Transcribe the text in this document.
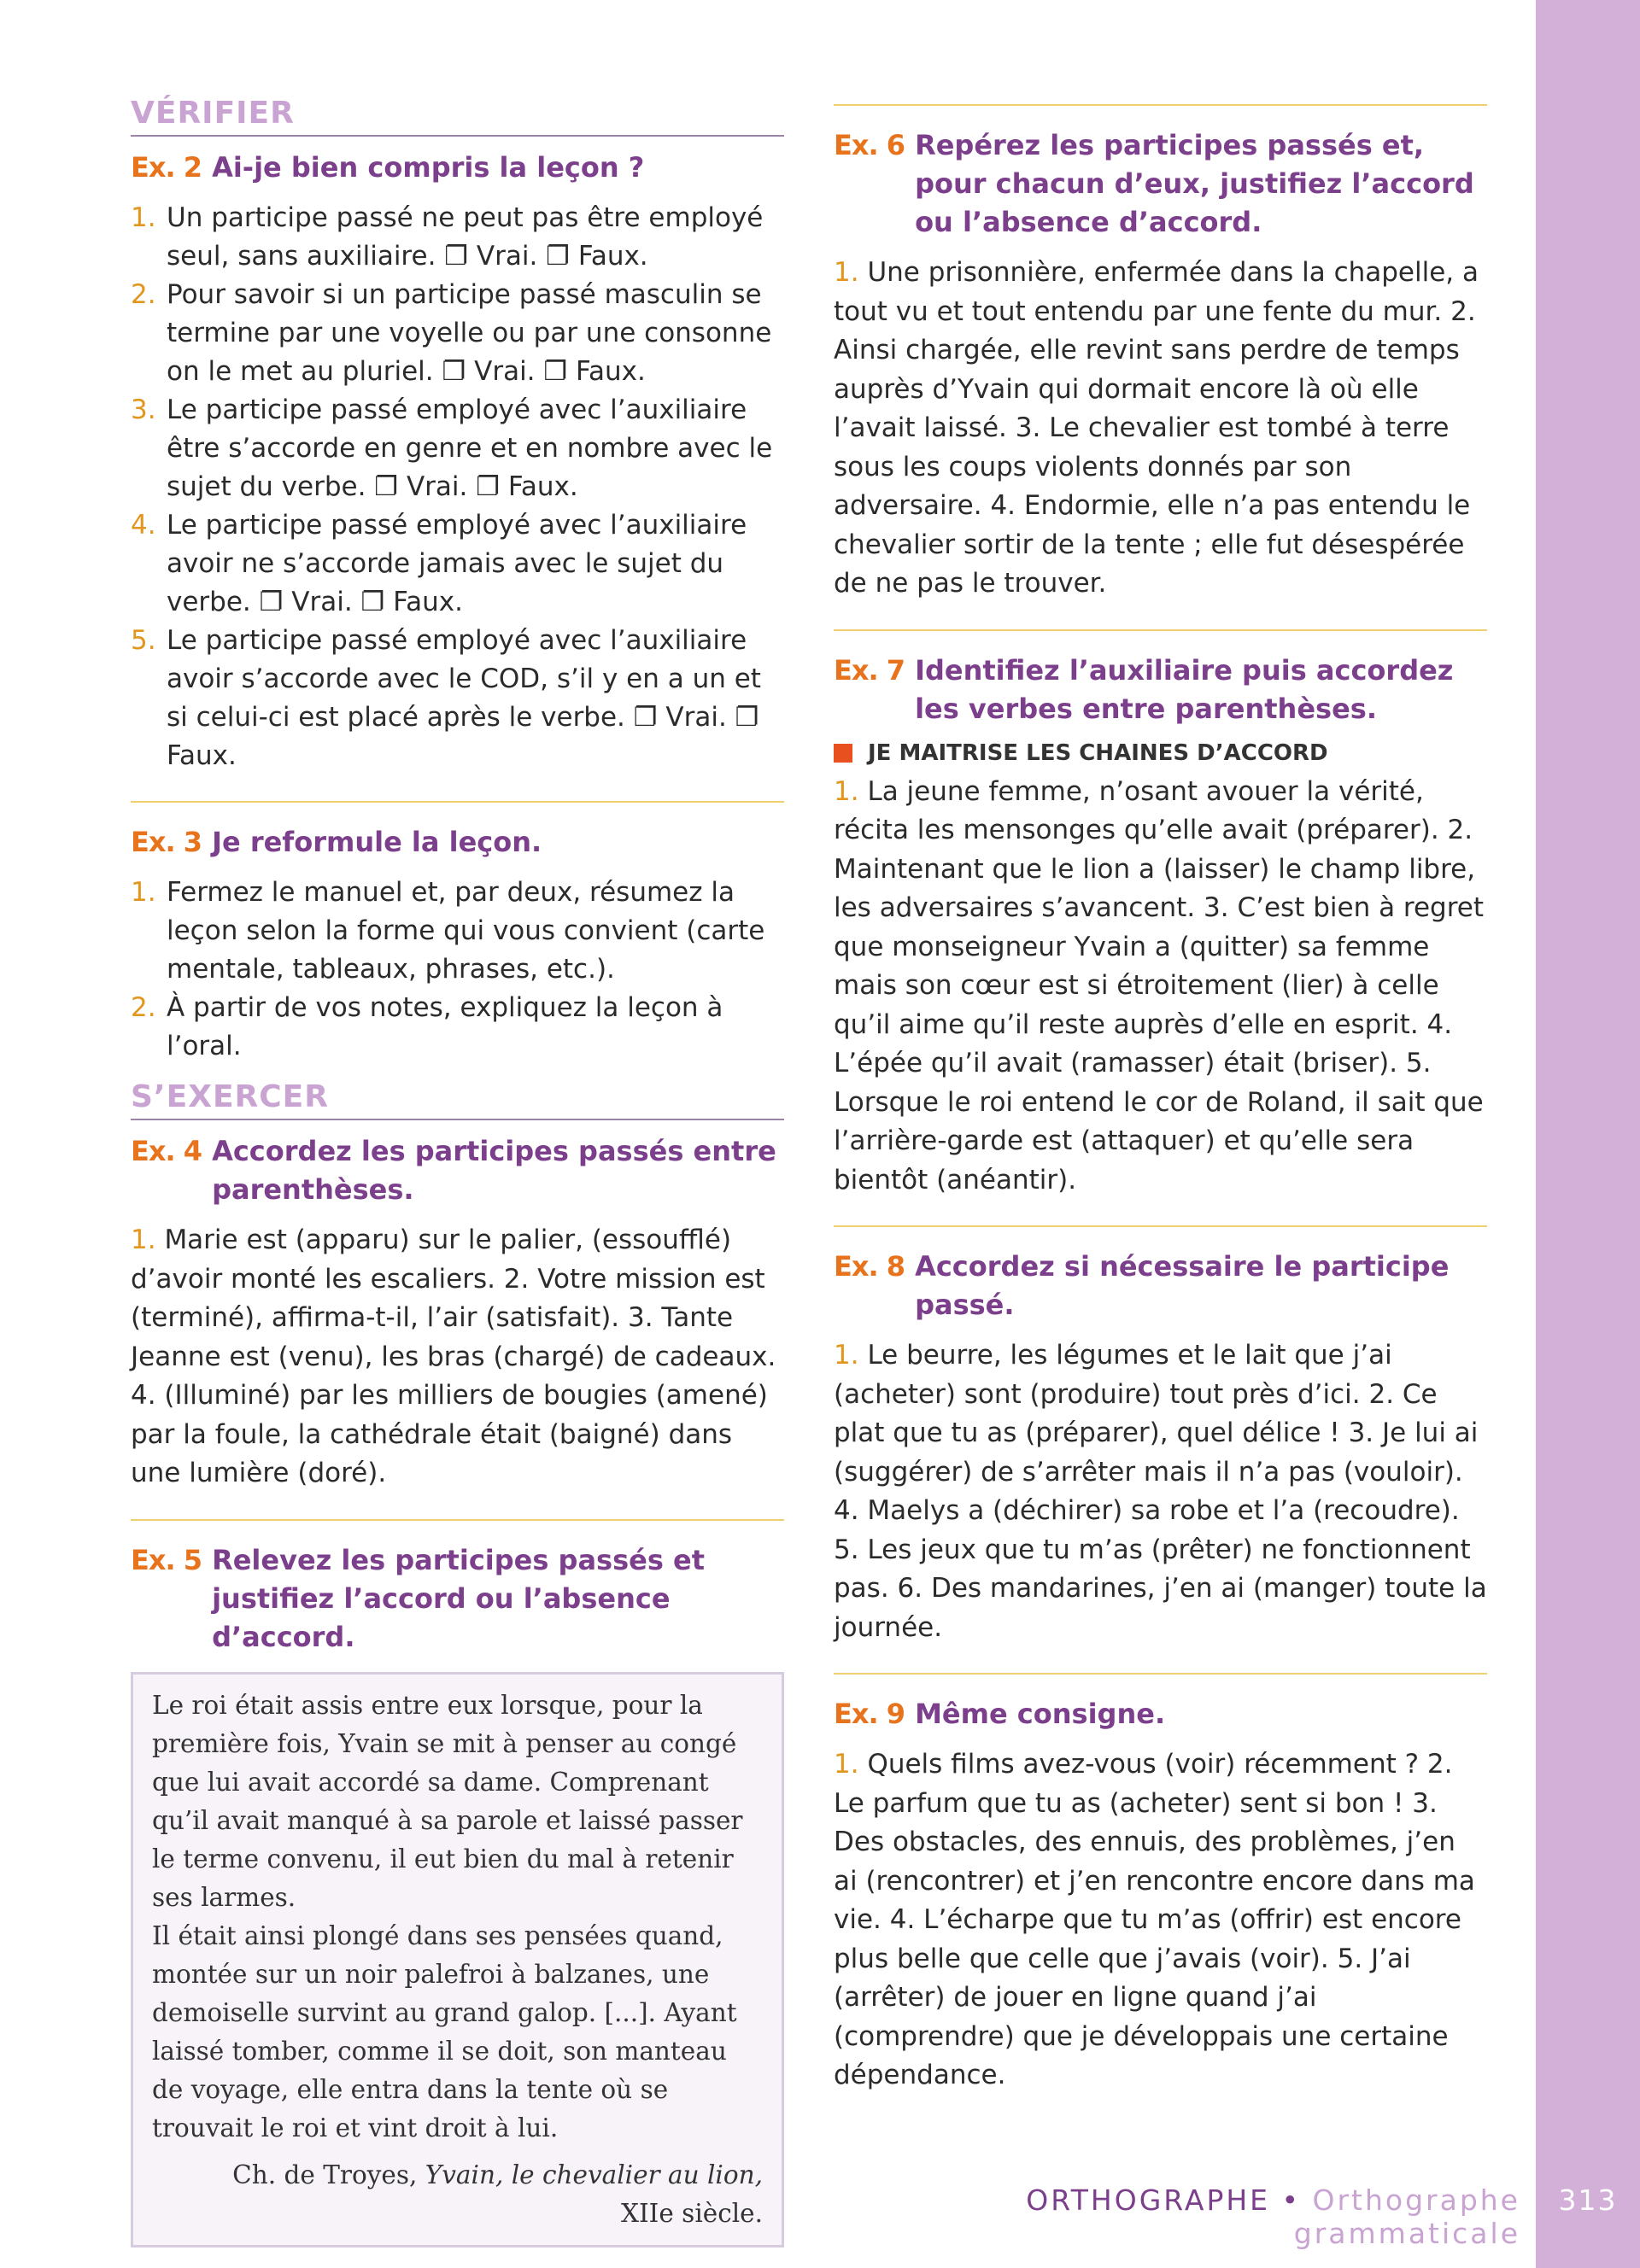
VÉRIFIER
Ex. 2 Ai-je bien compris la leçon ?
1. Un participe passé ne peut pas être employé seul, sans auxiliaire. ❐ Vrai. ❐ Faux.
2. Pour savoir si un participe passé masculin se termine par une voyelle ou par une consonne on le met au pluriel. ❐ Vrai. ❐ Faux.
3. Le participe passé employé avec l’auxiliaire être s’accorde en genre et en nombre avec le sujet du verbe. ❐ Vrai. ❐ Faux.
4. Le participe passé employé avec l’auxiliaire avoir ne s’accorde jamais avec le sujet du verbe. ❐ Vrai. ❐ Faux.
5. Le participe passé employé avec l’auxiliaire avoir s’accorde avec le COD, s’il y en a un et si celui-ci est placé après le verbe. ❐ Vrai. ❐ Faux.
Ex. 3 Je reformule la leçon.
1. Fermez le manuel et, par deux, résumez la leçon selon la forme qui vous convient (carte mentale, tableaux, phrases, etc.).
2. À partir de vos notes, expliquez la leçon à l’oral.
S’EXERCER
Ex. 4 Accordez les participes passés entre parenthèses.
1. Marie est (apparu) sur le palier, (essoufflé) d’avoir monté les escaliers. 2. Votre mission est (terminé), affirma-t-il, l’air (satisfait). 3. Tante Jeanne est (venu), les bras (chargé) de cadeaux. 4. (Illuminé) par les milliers de bougies (amené) par la foule, la cathédrale était (baigné) dans une lumière (doré).
Ex. 5 Relevez les participes passés et justifiez l’accord ou l’absence d’accord.

Le roi était assis entre eux lorsque, pour la première fois, Yvain se mit à penser au congé que lui avait accordé sa dame. Comprenant qu’il avait manqué à sa parole et laissé passer le terme convenu, il eut bien du mal à retenir ses larmes.

Il était ainsi plongé dans ses pensées quand, montée sur un noir palefroi à balzanes, une demoiselle survint au grand galop. [...]. Ayant laissé tomber, comme il se doit, son manteau de voyage, elle entra dans la tente où se trouvait le roi et vint droit à lui.

Ch. de Troyes, Yvain, le chevalier au lion,
XIIe siècle.
Ex. 6 Repérez les participes passés et, pour chacun d’eux, justifiez l’accord ou l’absence d’accord.
1. Une prisonnière, enfermée dans la chapelle, a tout vu et tout entendu par une fente du mur. 2. Ainsi chargée, elle revint sans perdre de temps auprès d’Yvain qui dormait encore là où elle l’avait laissé. 3. Le chevalier est tombé à terre sous les coups violents donnés par son adversaire. 4. Endormie, elle n’a pas entendu le chevalier sortir de la tente ; elle fut désespérée de ne pas le trouver.
Ex. 7 Identifiez l’auxiliaire puis accordez les verbes entre parenthèses.
JE MAITRISE LES CHAINES D’ACCORD
1. La jeune femme, n’osant avouer la vérité, récita les mensonges qu’elle avait (préparer). 2. Maintenant que le lion a (laisser) le champ libre, les adversaires s’avancent. 3. C’est bien à regret que monseigneur Yvain a (quitter) sa femme mais son cœur est si étroitement (lier) à celle qu’il aime qu’il reste auprès d’elle en esprit. 4. L’épée qu’il avait (ramasser) était (briser). 5. Lorsque le roi entend le cor de Roland, il sait que l’arrière-garde est (attaquer) et qu’elle sera bientôt (anéantir).
Ex. 8 Accordez si nécessaire le participe passé.
1. Le beurre, les légumes et le lait que j’ai (acheter) sont (produire) tout près d’ici. 2. Ce plat que tu as (préparer), quel délice ! 3. Je lui ai (suggérer) de s’arrêter mais il n’a pas (vouloir). 4. Maelys a (déchirer) sa robe et l’a (recoudre). 5. Les jeux que tu m’as (prêter) ne fonctionnent pas. 6. Des mandarines, j’en ai (manger) toute la journée.
Ex. 9 Même consigne.
1. Quels films avez-vous (voir) récemment ? 2. Le parfum que tu as (acheter) sent si bon ! 3. Des obstacles, des ennuis, des problèmes, j’en ai (rencontrer) et j’en rencontre encore dans ma vie. 4. L’écharpe que tu m’as (offrir) est encore plus belle que celle que j’avais (voir). 5. J’ai (arrêter) de jouer en ligne quand j’ai (comprendre) que je développais une certaine dépendance.
ORTHOGRAPHE • Orthographe grammaticale
313
